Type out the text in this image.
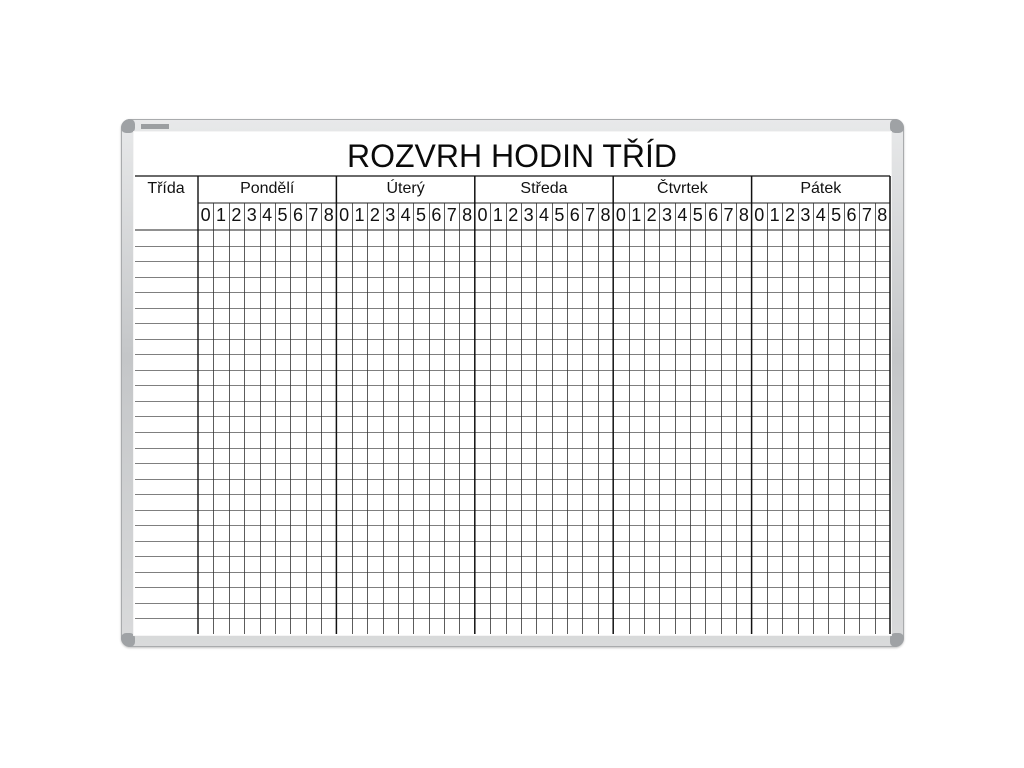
ROZVRH HODIN TŘÍD
Třída	Pondělí
0 1 2 3 4 5 6 7 8
Úterý
0 1 2 3 4 5 6 7 8
Středa
0 1 2 3 4 5 6 7 8
Čtvrtek
0 1 2 3 4 5 6 7 8
Pátek
0 1 2 3 4 5 6 7 8
